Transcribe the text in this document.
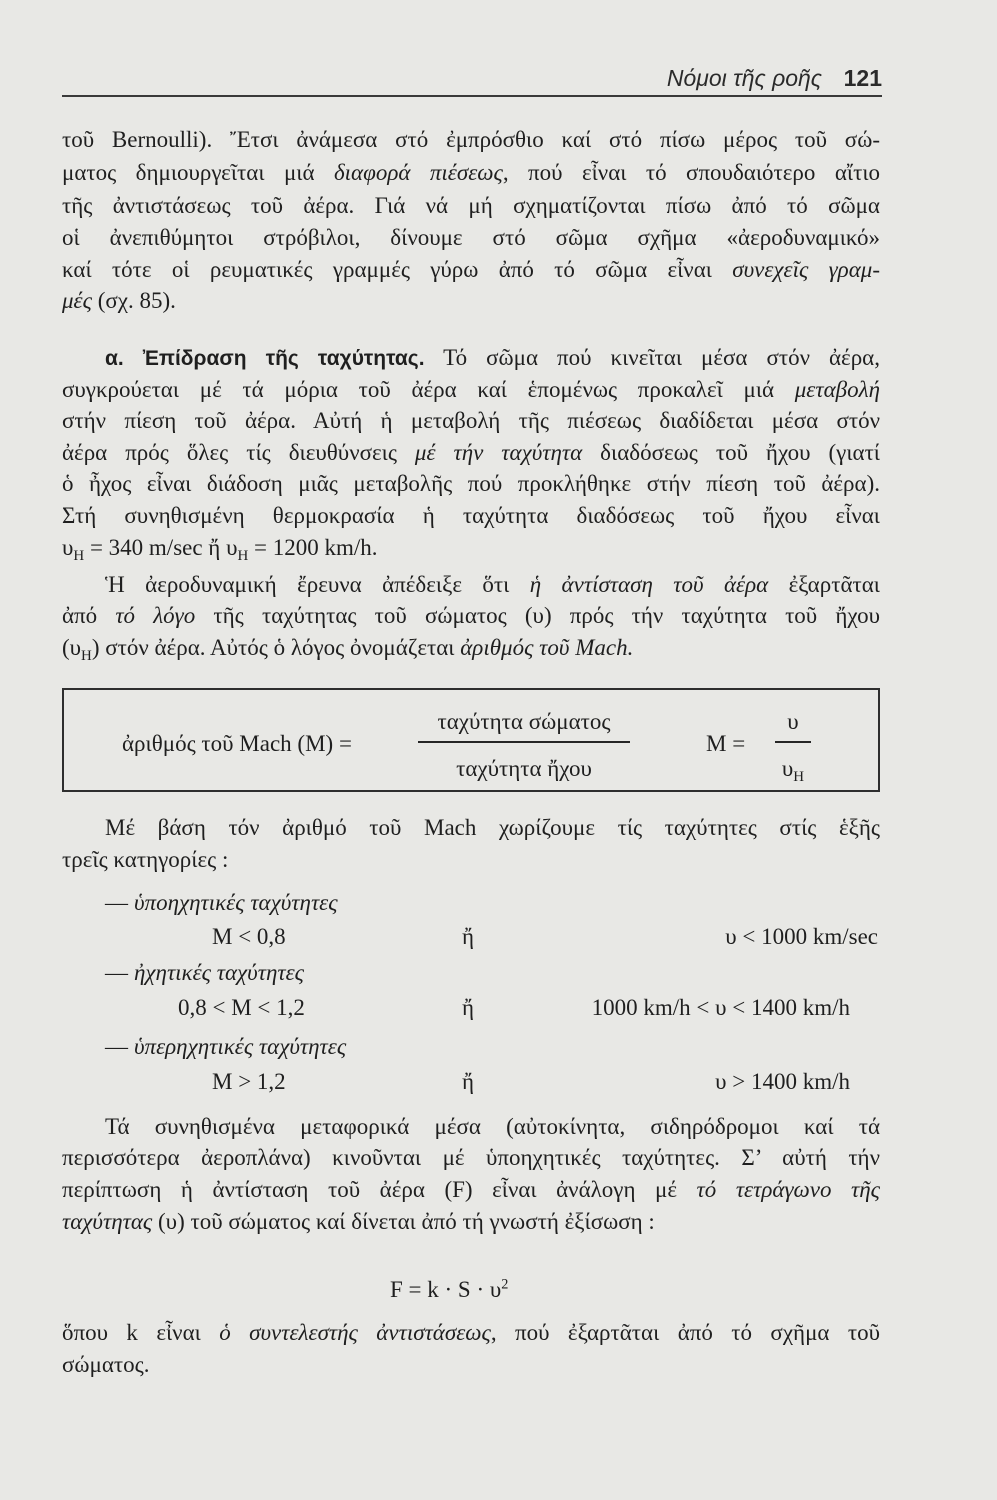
Νόμοι τῆς ροῆς 121
τοῦ Bernoulli). Ἔτσι ἀνάμεσα στό ἐμπρόσθιο καί στό πίσω μέρος τοῦ σώ-
ματος δημιουργεῖται μιά διαφορά πιέσεως, πού εἶναι τό σπουδαιότερο αἴτιο
τῆς ἀντιστάσεως τοῦ ἀέρα. Γιά νά μή σχηματίζονται πίσω ἀπό τό σῶμα
οἱ ἀνεπιθύμητοι στρόβιλοι, δίνουμε στό σῶμα σχῆμα «ἀεροδυναμικό»
καί τότε οἱ ρευματικές γραμμές γύρω ἀπό τό σῶμα εἶναι συνεχεῖς γραμ-
μές (σχ. 85).
α. Ἐπίδραση τῆς ταχύτητας. Τό σῶμα πού κινεῖται μέσα στόν ἀέρα,
συγκρούεται μέ τά μόρια τοῦ ἀέρα καί ἑπομένως προκαλεῖ μιά μεταβολή
στήν πίεση τοῦ ἀέρα. Αὐτή ἡ μεταβολή τῆς πιέσεως διαδίδεται μέσα στόν
ἀέρα πρός ὅλες τίς διευθύνσεις μέ τήν ταχύτητα διαδόσεως τοῦ ἤχου (γιατί
ὁ ἦχος εἶναι διάδοση μιᾶς μεταβολῆς πού προκλήθηκε στήν πίεση τοῦ ἀέρα).
Στή συνηθισμένη θερμοκρασία ἡ ταχύτητα διαδόσεως τοῦ ἤχου εἶναι
$\upsilon_H = 340$ m/sec ἤ $\upsilon_H = 1200$ km/h.
Ἡ ἀεροδυναμική ἔρευνα ἀπέδειξε ὅτι ἡ ἀντίσταση τοῦ ἀέρα ἐξαρτᾶται
ἀπό τό λόγο τῆς ταχύτητας τοῦ σώματος (υ) πρός τήν ταχύτητα τοῦ ἤχου
$(\upsilon_H)$ στόν ἀέρα. Αὐτός ὁ λόγος ὀνομάζεται ἀριθμός τοῦ Mach.
ἀριθμός τοῦ Mach (M) =
ταχύτητα σώματος
ταχύτητα ἤχου
M =
υ
$\upsilon_H$
Μέ βάση τόν ἀριθμό τοῦ Mach χωρίζουμε τίς ταχύτητες στίς ἑξῆς
τρεῖς κατηγορίες :
— ὑποηχητικές ταχύτητες
M < 0,8	ἤ	υ < 1000 km/sec
— ἠχητικές ταχύτητες
0,8 < M < 1,2	ἤ	1000 km/h < υ < 1400 km/h
— ὑπερηχητικές ταχύτητες
M > 1,2	ἤ	υ > 1400 km/h
Τά συνηθισμένα μεταφορικά μέσα (αὐτοκίνητα, σιδηρόδρομοι καί τά
περισσότερα ἀεροπλάνα) κινοῦνται μέ ὑποηχητικές ταχύτητες. Σ’ αὐτή τήν
περίπτωση ἡ ἀντίσταση τοῦ ἀέρα (F) εἶναι ἀνάλογη μέ τό τετράγωνο τῆς
ταχύτητας (υ) τοῦ σώματος καί δίνεται ἀπό τή γνωστή ἐξίσωση :
$F = k \cdot S \cdot \upsilon^2$
ὅπου k εἶναι ὁ συντελεστής ἀντιστάσεως, πού ἐξαρτᾶται ἀπό τό σχῆμα τοῦ
σώματος.
